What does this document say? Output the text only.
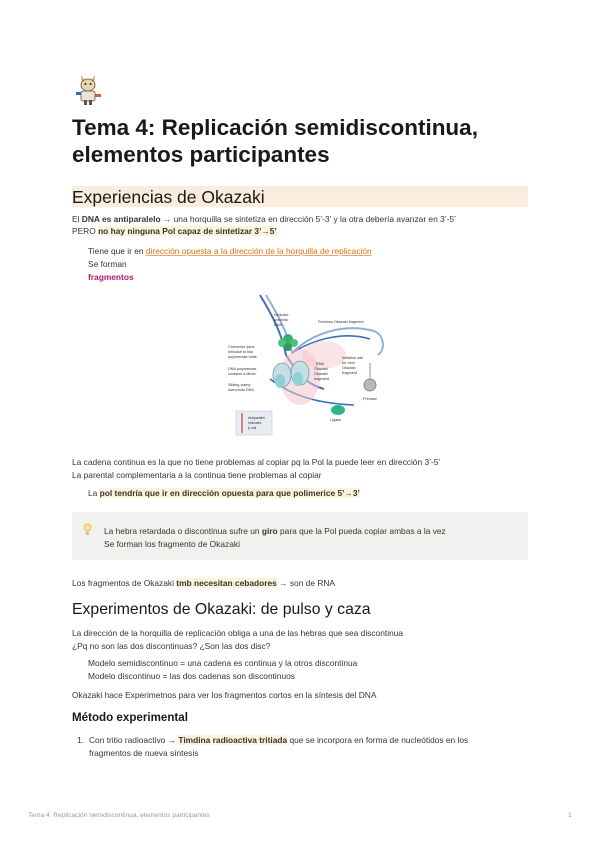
Tema 4: Replicación semidiscontinua,
elementos participantes
Experiencias de Okazaki
El DNA es antiparalelo → una horquilla se sintetiza en dirección 5’-3’ y la otra debería avanzar en 3’-5’
PERO no hay ninguna Pol capaz de sintetizar 3’→5’
Tiene que ir en dirección opuesta a la dirección de la horquilla de replicación
Se forman
fragmentos
Helicase
unwinds
DNA
Previous Okazaki fragment
Connector joins
helicase to two
polymerase units
RNA
Okazaki
Okazaki
fragment
Initiation site
for next
Okazaki
fragment
DNA polymerase
contains a dimer
Sliding clamp
surrounds DNA
Primase
Ligase
Antiparallel
indicates
β unit
La cadena continua es la que no tiene problemas al copiar pq la Pol la puede leer en dirección 3’-5’
La parental complementaria a la continua tiene problemas al copiar
La pol tendría que ir en dirección opuesta para que polimerice 5’→3’
La hebra retardada o discontinua sufre un giro para que la Pol pueda copiar ambas a la vez
Se forman los fragmento de Okazaki
Los fragmentos de Okazaki tmb necesitan cebadores → son de RNA
Experimentos de Okazaki: de pulso y caza
La dirección de la horquilla de replicación obliga a una de las hebras que sea discontinua
¿Pq no son las dos discontinuas? ¿Son las dos disc?
Modelo semidiscontinuo = una cadena es continua y la otros discontinua
Modelo discontinuo = las dos cadenas son discontinuos
Okazaki hace Experimetnos para ver los fragmentos cortos en la síntesis del DNA
Método experimental
1. Con tritio radioactivo → Timdina radioactiva tritiada que se incorpora en forma de nucleótidos en los
fragmentos de nueva síntesis
Tema 4: Replicación semidiscontinua, elementos participantes	1
